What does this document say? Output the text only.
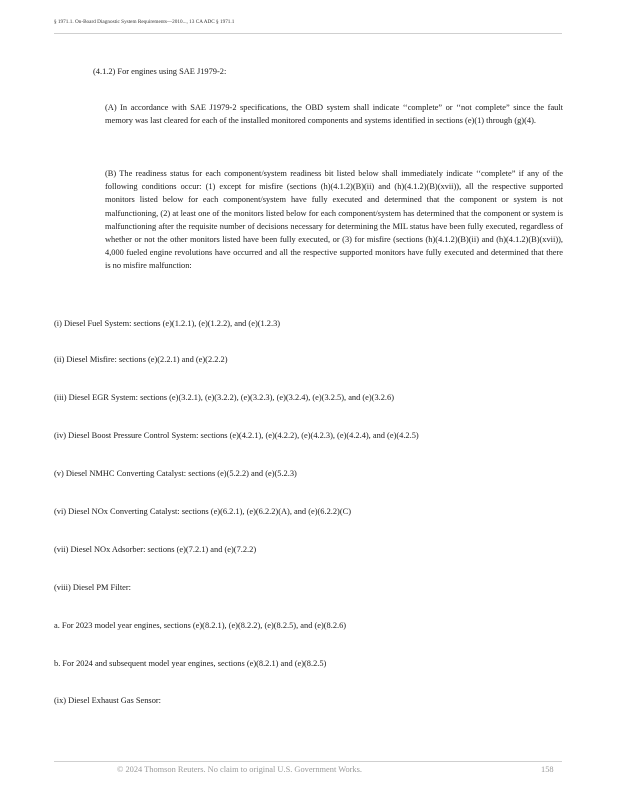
§ 1971.1. On-Board Diagnostic System Requirements—2010..., 13 CA ADC § 1971.1

(4.1.2) For engines using SAE J1979-2:

(A) In accordance with SAE J1979-2 specifications, the OBD system shall indicate ‘‘complete” or ‘‘not complete” since the fault memory was last cleared for each of the installed monitored components and systems identified in sections (e)(1) through (g)(4).

(B) The readiness status for each component/system readiness bit listed below shall immediately indicate ‘‘complete” if any of the following conditions occur: (1) except for misfire (sections (h)(4.1.2)(B)(ii) and (h)(4.1.2)(B)(xvii)), all the respective supported monitors listed below for each component/system have fully executed and determined that the component or system is not malfunctioning, (2) at least one of the monitors listed below for each component/system has determined that the component or system is malfunctioning after the requisite number of decisions necessary for determining the MIL status have been fully executed, regardless of whether or not the other monitors listed have been fully executed, or (3) for misfire (sections (h)(4.1.2)(B)(ii) and (h)(4.1.2)(B)(xvii)), 4,000 fueled engine revolutions have occurred and all the respective supported monitors have fully executed and determined that there is no misfire malfunction:

(i) Diesel Fuel System: sections (e)(1.2.1), (e)(1.2.2), and (e)(1.2.3)

(ii) Diesel Misfire: sections (e)(2.2.1) and (e)(2.2.2)

(iii) Diesel EGR System: sections (e)(3.2.1), (e)(3.2.2), (e)(3.2.3), (e)(3.2.4), (e)(3.2.5), and (e)(3.2.6)

(iv) Diesel Boost Pressure Control System: sections (e)(4.2.1), (e)(4.2.2), (e)(4.2.3), (e)(4.2.4), and (e)(4.2.5)

(v) Diesel NMHC Converting Catalyst: sections (e)(5.2.2) and (e)(5.2.3)

(vi) Diesel NOx Converting Catalyst: sections (e)(6.2.1), (e)(6.2.2)(A), and (e)(6.2.2)(C)

(vii) Diesel NOx Adsorber: sections (e)(7.2.1) and (e)(7.2.2)

(viii) Diesel PM Filter:

a. For 2023 model year engines, sections (e)(8.2.1), (e)(8.2.2), (e)(8.2.5), and (e)(8.2.6)

b. For 2024 and subsequent model year engines, sections (e)(8.2.1) and (e)(8.2.5)

(ix) Diesel Exhaust Gas Sensor:

© 2024 Thomson Reuters. No claim to original U.S. Government Works.	158
